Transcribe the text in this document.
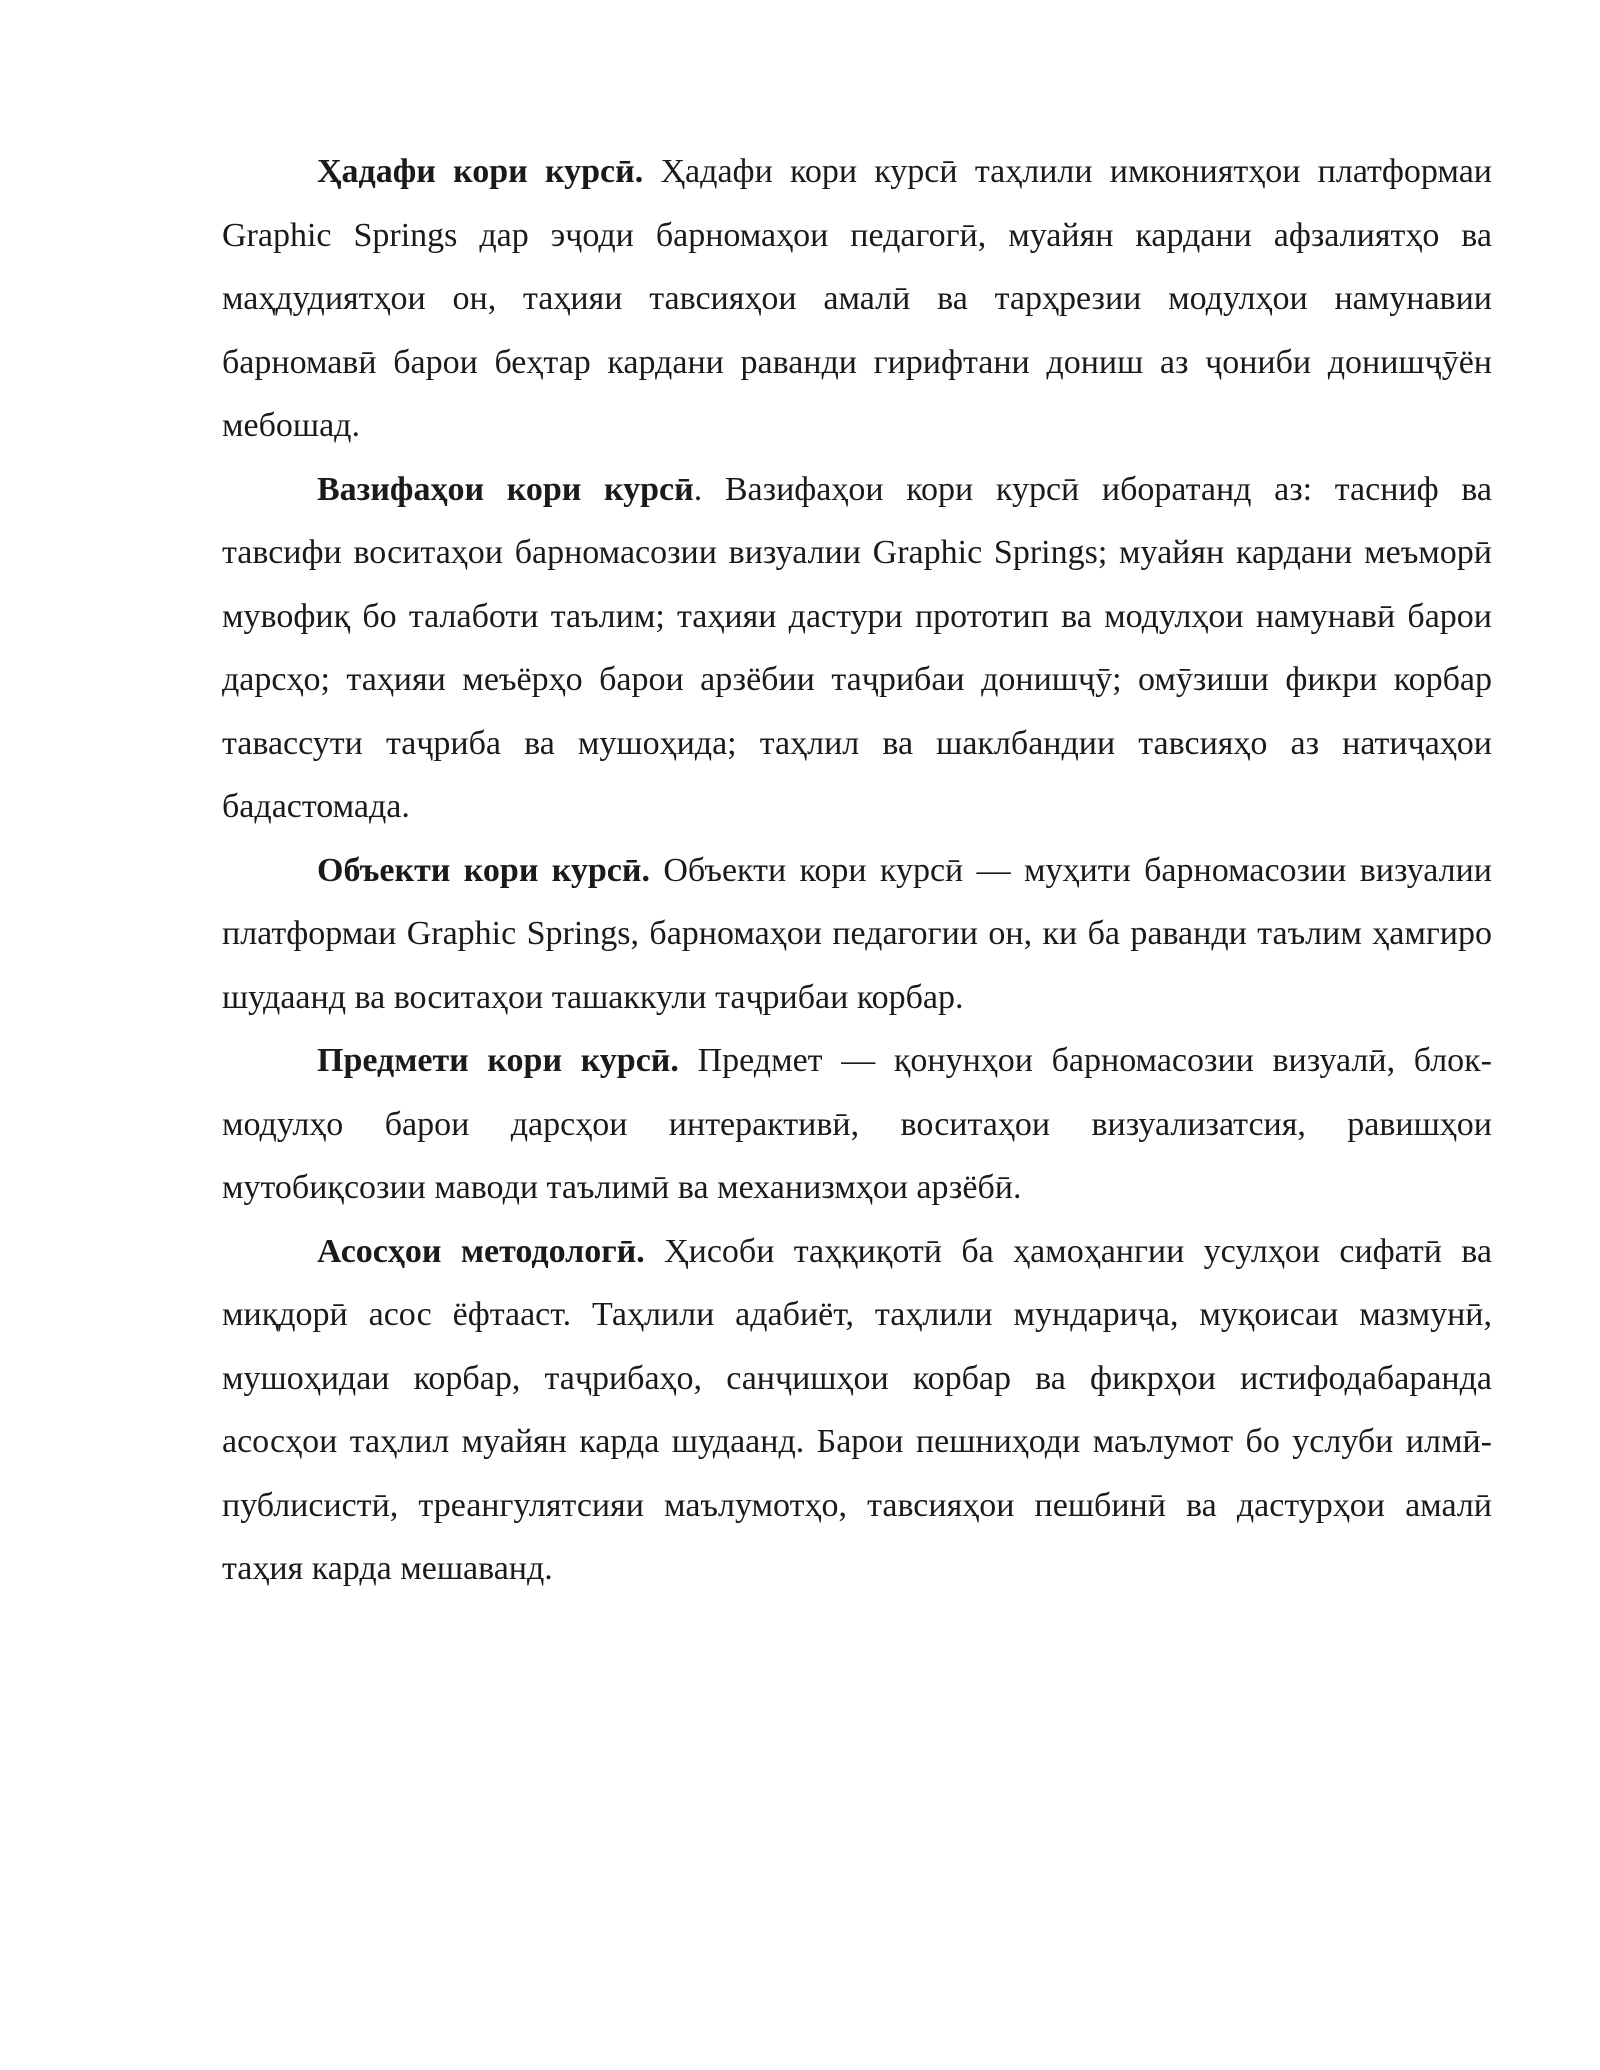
Ҳадафи кори курсӣ. Ҳадафи кори курсӣ таҳлили имкониятҳои платформаи Graphic Springs дар эҷоди барномаҳои педагогӣ, муайян кардани афзалиятҳо ва маҳдудиятҳои он, таҳияи тавсияҳои амалӣ ва тарҳрезии модулҳои намунавии барномавӣ барои беҳтар кардани раванди гирифтани дониш аз ҷониби донишҷӯён мебошад.

Вазифаҳои кори курсӣ. Вазифаҳои кори курсӣ иборатанд аз: тасниф ва тавсифи воситаҳои барномасозии визуалии Graphic Springs; муайян кардани меъморӣ мувофиқ бо талаботи таълим; таҳияи дастури прототип ва модулҳои намунавӣ барои дарсҳо; таҳияи меъёрҳо барои арзёбии таҷрибаи донишҷӯ; омӯзиши фикри корбар тавассути таҷриба ва мушоҳида; таҳлил ва шаклбандии тавсияҳо аз натиҷаҳои бадастомада.

Объекти кори курсӣ. Объекти кори курсӣ — муҳити барномасозии визуалии платформаи Graphic Springs, барномаҳои педагогии он, ки ба раванди таълим ҳамгиро шудаанд ва воситаҳои ташаккули таҷрибаи корбар.

Предмети кори курсӣ. Предмет — қонунҳои барномасозии визуалӣ, блок-модулҳо барои дарсҳои интерактивӣ, воситаҳои визуализатсия, равишҳои мутобиқсозии маводи таълимӣ ва механизмҳои арзёбӣ.

Асосҳои методологӣ. Ҳисоби таҳқиқотӣ ба ҳамоҳангии усулҳои сифатӣ ва миқдорӣ асос ёфтааст. Таҳлили адабиёт, таҳлили мундариҷа, муқоисаи мазмунӣ, мушоҳидаи корбар, таҷрибаҳо, санҷишҳои корбар ва фикрҳои истифодабаранда асосҳои таҳлил муайян карда шудаанд. Барои пешниҳоди маълумот бо услуби илмӣ-публисистӣ, треангулятсияи маълумотҳо, тавсияҳои пешбинӣ ва дастурҳои амалӣ таҳия карда мешаванд.
